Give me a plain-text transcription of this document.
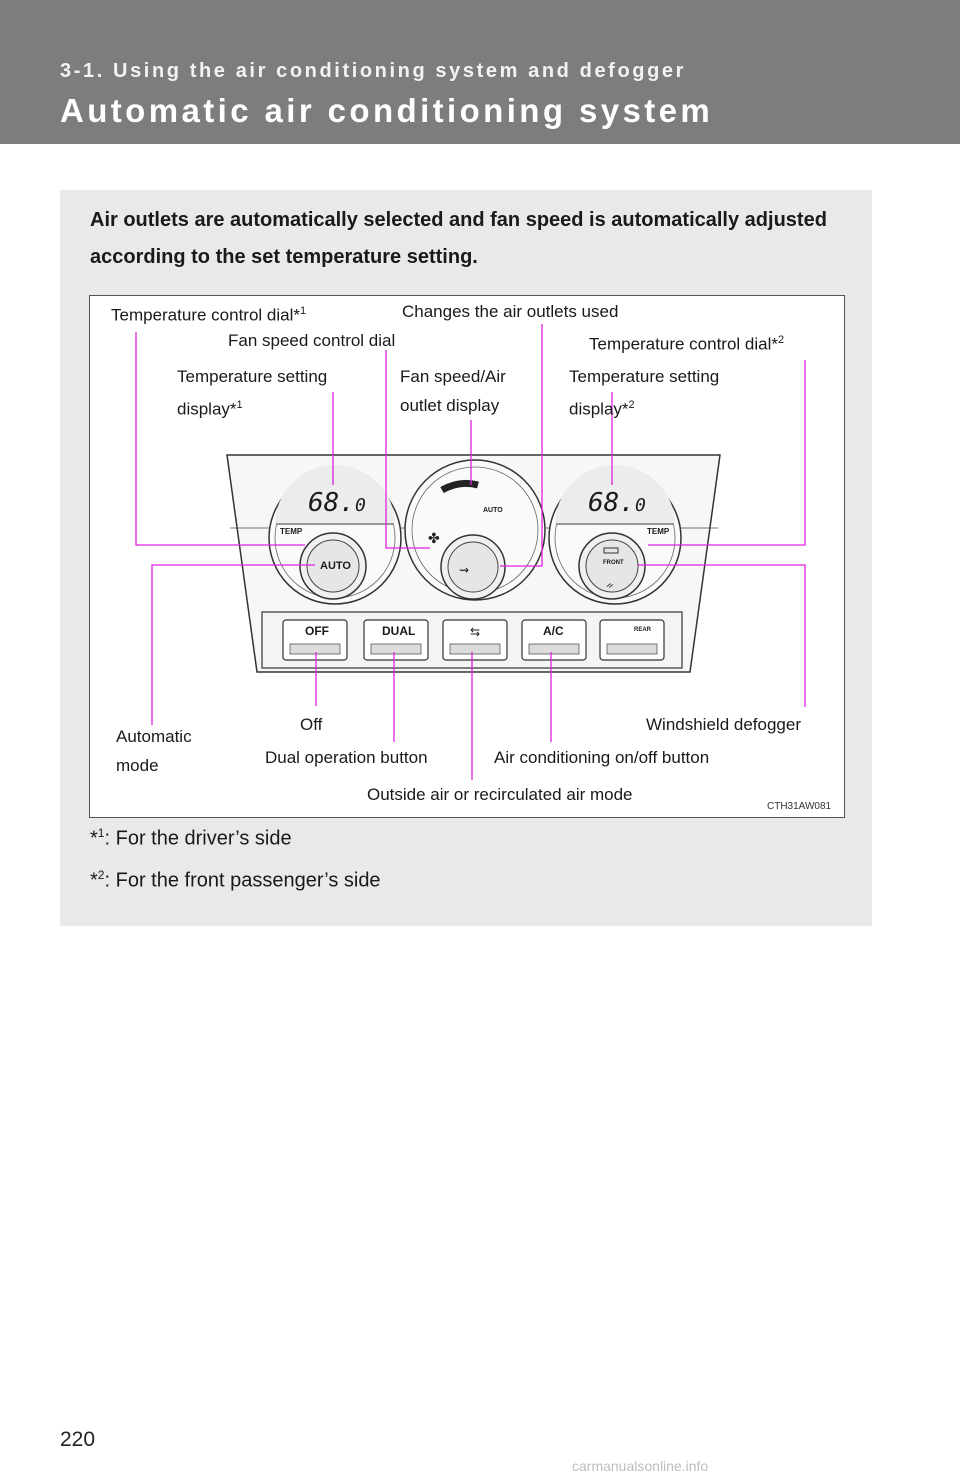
3-1. Using the air conditioning system and defogger
Automatic air conditioning system
Air outlets are automatically selected and fan speed is automatically adjusted according to the set temperature setting.
✤
⇝
ᨀ
⇆
68.0	68.0
TEMP	TEMP
AUTO
AUTO
FRONT
OFF	DUAL	A/C	REAR
Temperature control dial*$^1$	Changes the air outlets used
Fan speed control dial	Temperature control dial*$^2$
Temperature setting
display*$^1$
Fan speed/Air
outlet display
Temperature setting
display*$^2$
Automatic
mode
Off	Windshield defogger
Dual operation button	Air conditioning on/off button
Outside air or recirculated air mode
CTH31AW081
*$^1$: For the driver’s side
*$^2$: For the front passenger’s side
220
carmanualsonline.info
